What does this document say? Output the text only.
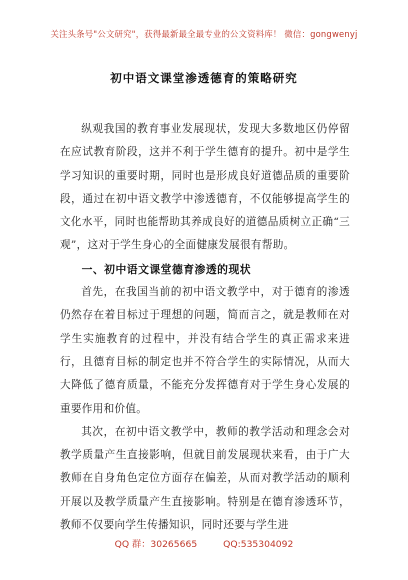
关注头条号"公文研究"，获得最新最全最专业的公文资料库！ 微信：gongwenyj
初中语文课堂渗透德育的策略研究

纵观我国的教育事业发展现状，发现大多数地区仍停留在应试教育阶段，这并不利于学生德育的提升。初中是学生学习知识的重要时期，同时也是形成良好道德品质的重要阶段，通过在初中语文教学中渗透德育，不仅能够提高学生的文化水平，同时也能帮助其养成良好的道德品质树立正确“三观”，这对于学生身心的全面健康发展很有帮助。

一、初中语文课堂德育渗透的现状

首先，在我国当前的初中语文教学中，对于德育的渗透仍然存在着目标过于理想的问题，简而言之，就是教师在对学生实施教育的过程中，并没有结合学生的真正需求来进行，且德育目标的制定也并不符合学生的实际情况，从而大大降低了德育质量，不能充分发挥德育对于学生身心发展的重要作用和价值。

其次，在初中语文教学中，教师的教学活动和理念会对教学质量产生直接影响，但就目前发展现状来看，由于广大教师在自身角色定位方面存在偏差，从而对教学活动的顺利开展以及教学质量产生直接影响。特别是在德育渗透环节，教师不仅要向学生传播知识，同时还要与学生进

QQ 群：30265665	QQ:535304092
